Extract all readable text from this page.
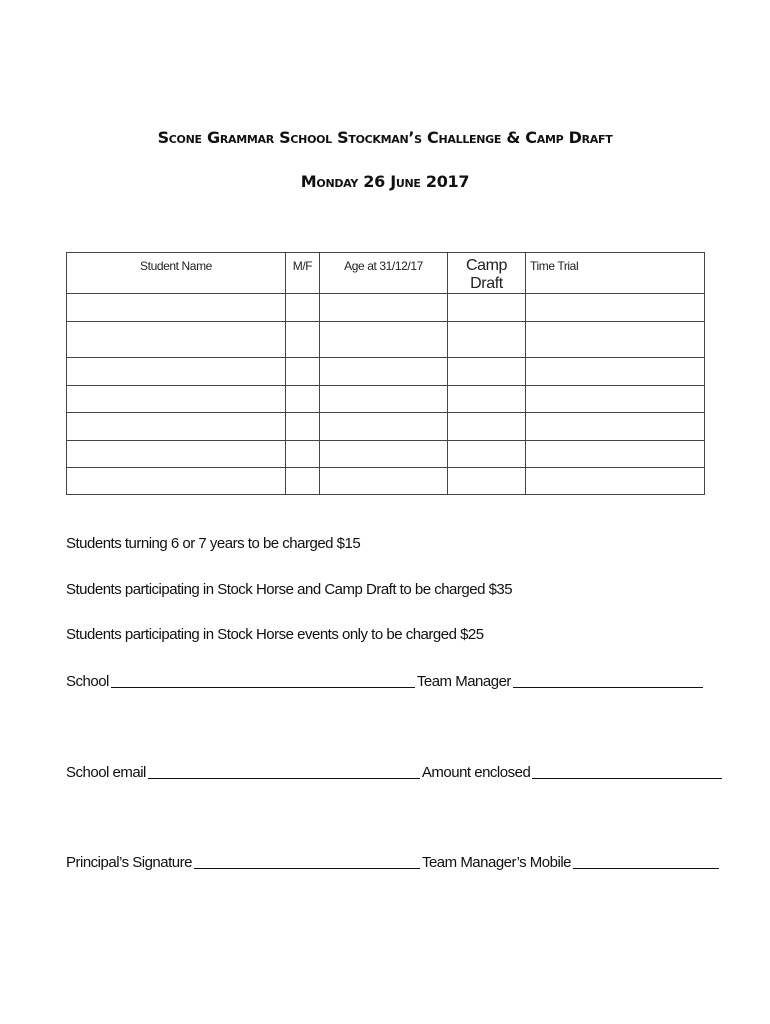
Scone Grammar School Stockman’s Challenge & Camp Draft
Monday 26 June 2017
Student Name	M/F	Age at 31/12/17	Camp Draft	Time Trial

Students turning 6 or 7 years to be charged $15
Students participating in Stock Horse and Camp Draft to be charged $35
Students participating in Stock Horse events only to be charged $25
School	Team Manager
School email	Amount enclosed
Principal’s Signature	Team Manager’s Mobile
